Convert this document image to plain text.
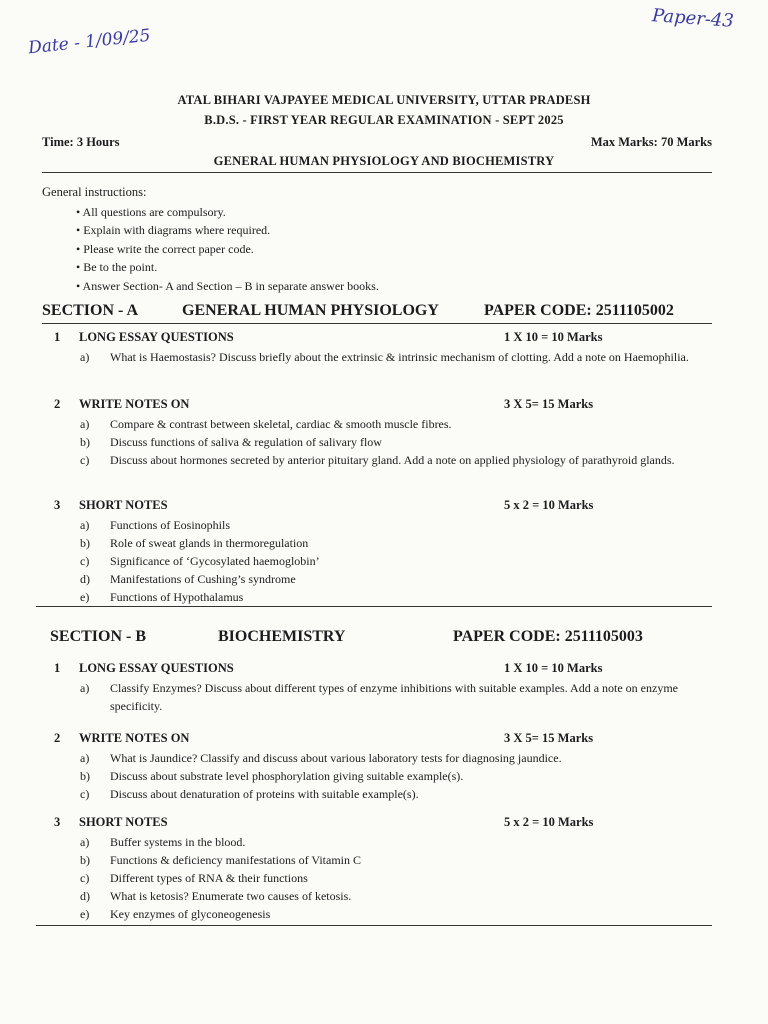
Date - 1/09/25
Paper-43
ATAL BIHARI VAJPAYEE MEDICAL UNIVERSITY, UTTAR PRADESH
B.D.S. - FIRST YEAR REGULAR EXAMINATION - SEPT 2025
Time: 3 Hours	Max Marks: 70 Marks
GENERAL HUMAN PHYSIOLOGY AND BIOCHEMISTRY
General instructions:
• All questions are compulsory.
• Explain with diagrams where required.
• Please write the correct paper code.
• Be to the point.
• Answer Section- A and Section – B in separate answer books.
SECTION - A	GENERAL HUMAN PHYSIOLOGY	PAPER CODE: 2511105002
1 LONG ESSAY QUESTIONS	1 X 10 = 10 Marks
a) What is Haemostasis? Discuss briefly about the extrinsic & intrinsic mechanism of clotting. Add a note on Haemophilia.
2 WRITE NOTES ON	3 X 5= 15 Marks
a) Compare & contrast between skeletal, cardiac & smooth muscle fibres.
b) Discuss functions of saliva & regulation of salivary flow
c) Discuss about hormones secreted by anterior pituitary gland. Add a note on applied physiology of parathyroid glands.
3 SHORT NOTES	5 x 2 = 10 Marks
a) Functions of Eosinophils
b) Role of sweat glands in thermoregulation
c) Significance of ‘Gycosylated haemoglobin’
d) Manifestations of Cushing’s syndrome
e) Functions of Hypothalamus
SECTION - B	BIOCHEMISTRY	PAPER CODE: 2511105003
1 LONG ESSAY QUESTIONS	1 X 10 = 10 Marks
a) Classify Enzymes? Discuss about different types of enzyme inhibitions with suitable examples. Add a note on enzyme specificity.
2 WRITE NOTES ON	3 X 5= 15 Marks
a) What is Jaundice? Classify and discuss about various laboratory tests for diagnosing jaundice.
b) Discuss about substrate level phosphorylation giving suitable example(s).
c) Discuss about denaturation of proteins with suitable example(s).
3 SHORT NOTES	5 x 2 = 10 Marks
a) Buffer systems in the blood.
b) Functions & deficiency manifestations of Vitamin C
c) Different types of RNA & their functions
d) What is ketosis? Enumerate two causes of ketosis.
e) Key enzymes of glyconeogenesis
